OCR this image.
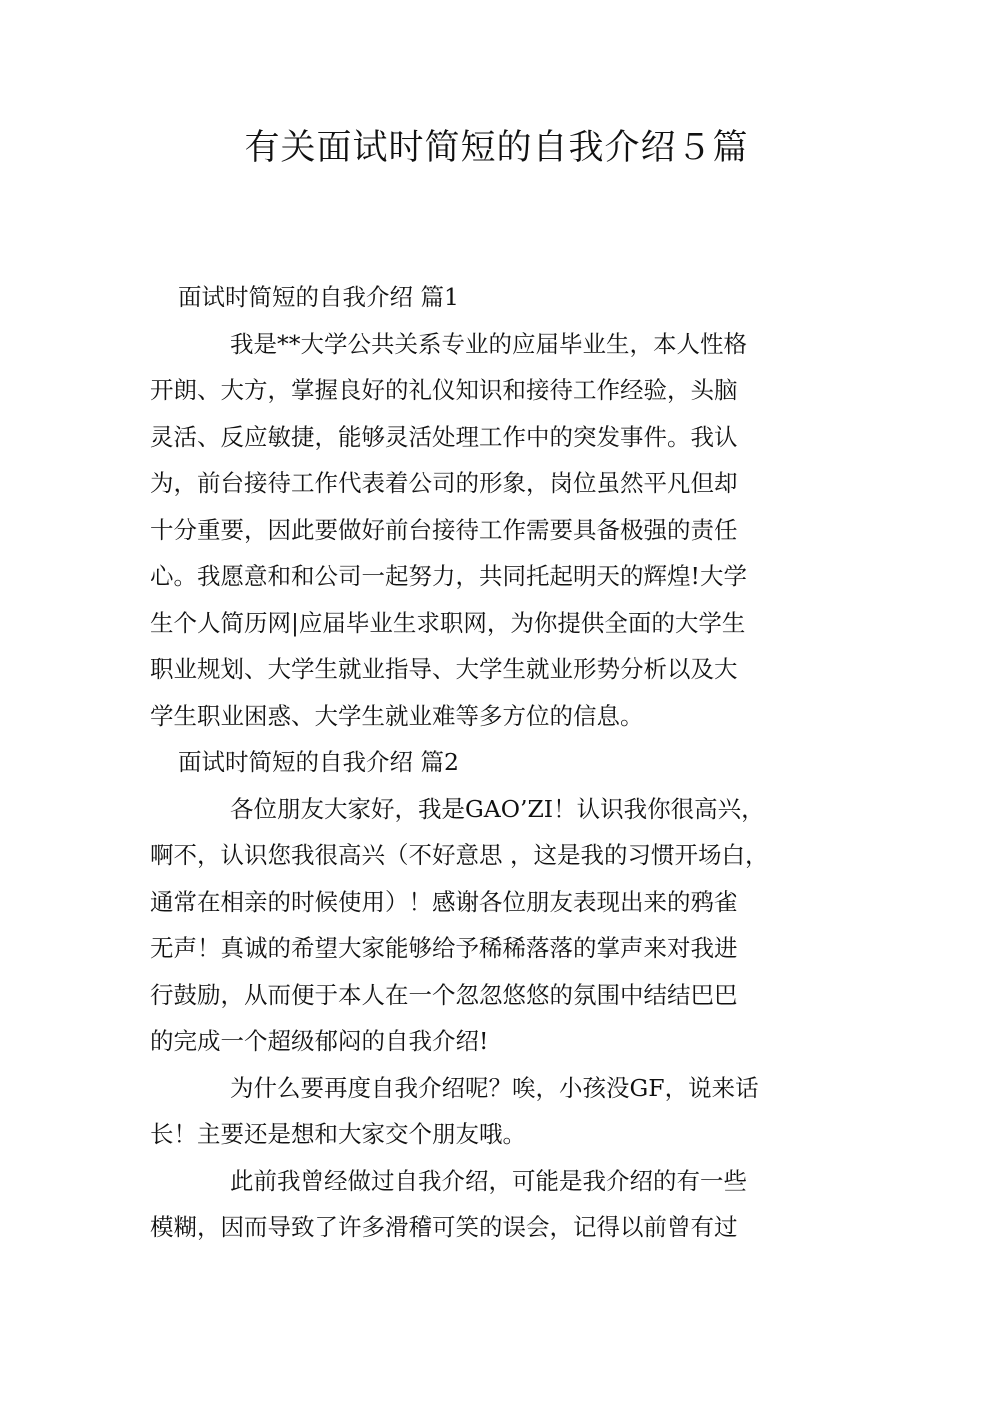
有关面试时简短的自我介绍５篇

面试时简短的自我介绍 篇1

我是**大学公共关系专业的应届毕业生，本人性格
开朗、大方，掌握良好的礼仪知识和接待工作经验，头脑
灵活、反应敏捷，能够灵活处理工作中的突发事件。我认
为，前台接待工作代表着公司的形象，岗位虽然平凡但却
十分重要，因此要做好前台接待工作需要具备极强的责任
心。我愿意和和公司一起努力，共同托起明天的辉煌!大学
生个人简历网|应届毕业生求职网，为你提供全面的大学生
职业规划、大学生就业指导、大学生就业形势分析以及大
学生职业困惑、大学生就业难等多方位的信息。

面试时简短的自我介绍 篇2

各位朋友大家好，我是GAO’ZI！认识我你很高兴，
啊不，认识您我很高兴（不好意思 ，这是我的习惯开场白，
通常在相亲的时候使用）！感谢各位朋友表现出来的鸦雀
无声！真诚的希望大家能够给予稀稀落落的掌声来对我进
行鼓励，从而便于本人在一个忽忽悠悠的氛围中结结巴巴
的完成一个超级郁闷的自我介绍!

为什么要再度自我介绍呢？唉，小孩没GF，说来话
长！主要还是想和大家交个朋友哦。

此前我曾经做过自我介绍，可能是我介绍的有一些
模糊，因而导致了许多滑稽可笑的误会，记得以前曾有过
